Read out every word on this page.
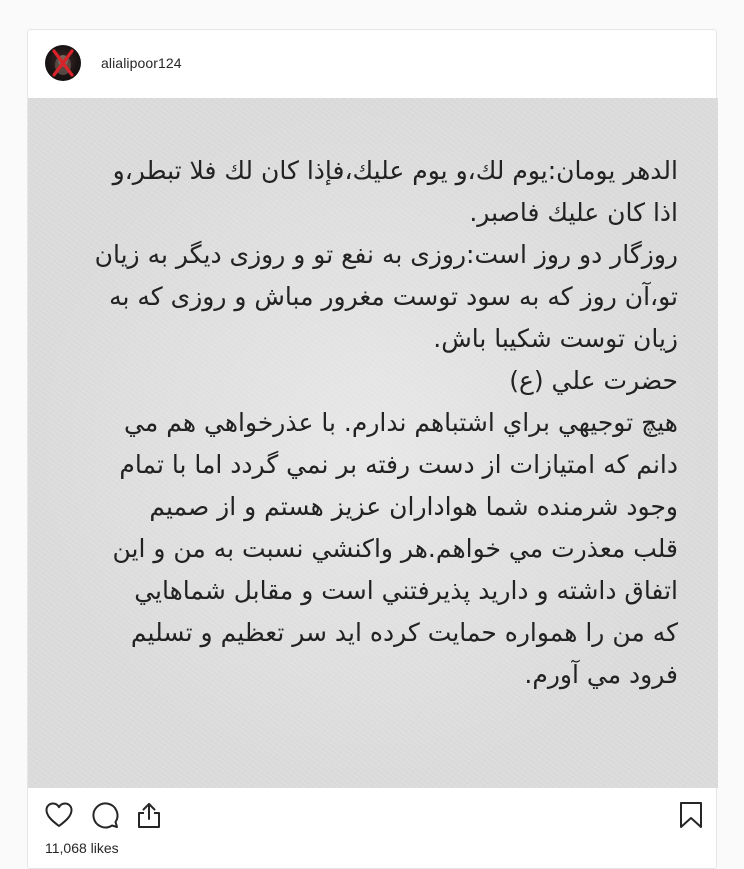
alialipoor124

الدهر يومان:يوم لك،و يوم عليك،فإذا كان لك فلا تبطر،و

اذا كان عليك فاصبر.

روزگار دو روز است:روزی به نفع تو و روزی دیگر به زیان

تو،آن روز که به سود توست مغرور مباش و روزی که به

زیان توست شکیبا باش.

حضرت علي (ع)

هيچ توجيهي براي اشتباهم ندارم. با عذرخواهي هم مي

دانم که امتيازات از دست رفته بر نمي گردد اما با تمام

وجود شرمنده شما هواداران عزيز هستم و از صميم

قلب معذرت مي خواهم.هر واکنشي نسبت به من و اين

اتفاق داشته و داريد پذيرفتني است و مقابل شماهايي

که من را همواره حمايت کرده ايد سر تعظيم و تسليم

فرود مي آورم.

11,068 likes
